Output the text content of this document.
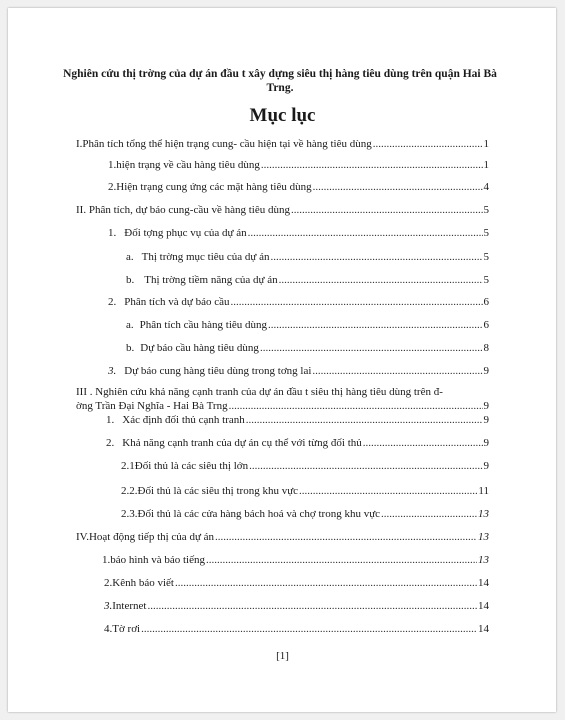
Nghiên cứu thị trờng của dự án đầu t xây dựng siêu thị hàng tiêu dùng trên quận Hai Bà Trng.
Mục lục
I.Phân tích tổng thể hiện trạng cung- cầu hiện tại về hàng tiêu dùng .....	1
1. hiện trạng về cầu hàng tiêu dùng .....	1
2. Hiện trạng cung ứng các mặt hàng tiêu dùng .....	4
II. Phân tích, dự báo cung-cầu về hàng tiêu dùng .....	5
1. Đối tợng phục vụ của dự án .....	5
a. Thị trờng mục tiêu của dự án .....	5
b. Thị trờng tiềm năng của dự án .....	5
2. Phân tích và dự báo cầu .....	6
a. Phân tích cầu hàng tiêu dùng .....	6
b. Dự báo cầu hàng tiêu dùng .....	8
3. Dự báo cung hàng tiêu dùng trong tơng lai .....	9
III . Nghiên cứu khả năng cạnh tranh của dự án đầu t siêu thị hàng tiêu dùng trên đ-
ờng Trần Đại Nghĩa - Hai Bà Trng .....	9
1. Xác định đối thủ cạnh tranh .....	9
2. Khả năng cạnh tranh của dự án cụ thể với từng đối thủ .....	9
2.1Đối thủ là các siêu thị lớn .....	9
2.2.Đối thủ là các siêu thị trong khu vực .....	11
2.3.Đối thủ là các cửa hàng bách hoá và chợ trong khu vực .....	13
IV.Hoạt động tiếp thị của dự án .....	13
1.báo hình và báo tiếng .....	13
2. Kênh báo viết .....	14
3. Internet .....	14
4. Tờ rơi .....	14
[1]
